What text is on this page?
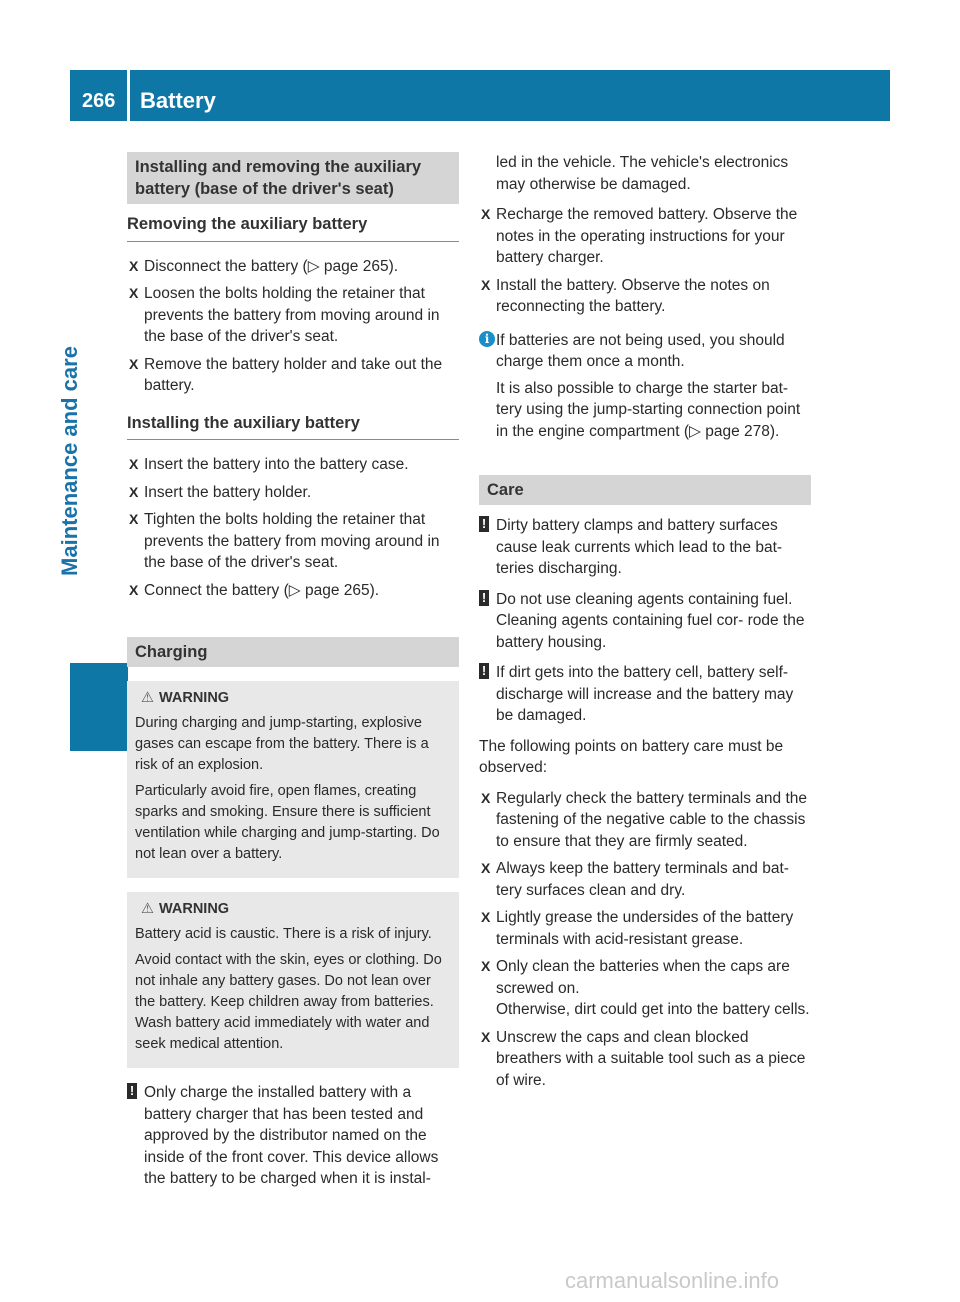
266 Battery
Maintenance and care
Installing and removing the auxiliary battery (base of the driver's seat)
Removing the auxiliary battery
X Disconnect the battery (▷ page 265).
X Loosen the bolts holding the retainer that prevents the battery from moving around in the base of the driver's seat.
X Remove the battery holder and take out the battery.
Installing the auxiliary battery
X Insert the battery into the battery case.
X Insert the battery holder.
X Tighten the bolts holding the retainer that prevents the battery from moving around in the base of the driver's seat.
X Connect the battery (▷ page 265).
Charging
⚠ WARNING

During charging and jump-starting, explosive gases can escape from the battery. There is a risk of an explosion.

Particularly avoid fire, open flames, creating sparks and smoking. Ensure there is sufficient ventilation while charging and jump-starting. Do not lean over a battery.

⚠ WARNING

Battery acid is caustic. There is a risk of injury.

Avoid contact with the skin, eyes or clothing. Do not inhale any battery gases. Do not lean over the battery. Keep children away from batteries. Wash battery acid immediately with water and seek medical attention.

! Only charge the installed battery with a battery charger that has been tested and approved by the distributor named on the inside of the front cover. This device allows the battery to be charged when it is instal-

led in the vehicle. The vehicle's electronics may otherwise be damaged.

X Recharge the removed battery. Observe the notes in the operating instructions for your battery charger.
X Install the battery. Observe the notes on reconnecting the battery.
i If batteries are not being used, you should charge them once a month.

It is also possible to charge the starter bat- tery using the jump-starting connection point in the engine compartment (▷ page 278).

Care
! Dirty battery clamps and battery surfaces cause leak currents which lead to the bat- teries discharging.

! Do not use cleaning agents containing fuel. Cleaning agents containing fuel cor- rode the battery housing.

! If dirt gets into the battery cell, battery self-discharge will increase and the battery may be damaged.

The following points on battery care must be observed:

X Regularly check the battery terminals and the fastening of the negative cable to the chassis to ensure that they are firmly seated.
X Always keep the battery terminals and bat- tery surfaces clean and dry.
X Lightly grease the undersides of the battery terminals with acid-resistant grease.
X Only clean the batteries when the caps are screwed on.
Otherwise, dirt could get into the battery cells.
X Unscrew the caps and clean blocked breathers with a suitable tool such as a piece of wire.
carmanualsonline.info
